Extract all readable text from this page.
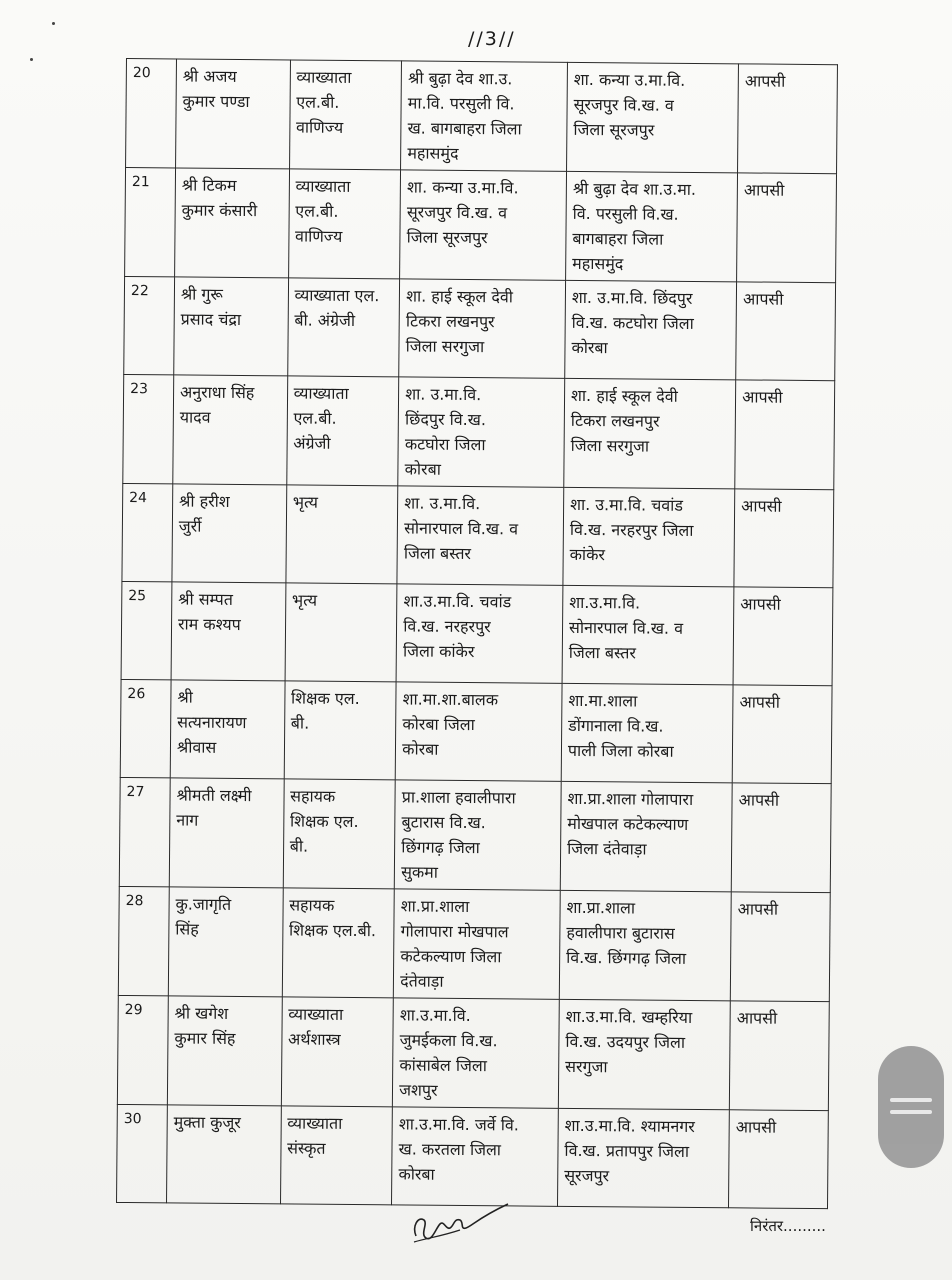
//3//
20	श्री अजय
कुमार पण्डा	व्याख्याता
एल.बी.
वाणिज्य	श्री बुढ़ा देव शा.उ.
मा.वि. परसुली वि.
ख. बागबाहरा जिला
महासमुंद	शा. कन्या उ.मा.वि.
सूरजपुर वि.ख. व
जिला सूरजपुर	आपसी
21	श्री टिकम
कुमार कंसारी	व्याख्याता
एल.बी.
वाणिज्य	शा. कन्या उ.मा.वि.
सूरजपुर वि.ख. व
जिला सूरजपुर	श्री बुढ़ा देव शा.उ.मा.
वि. परसुली वि.ख.
बागबाहरा जिला
महासमुंद	आपसी
22	श्री गुरू
प्रसाद चंद्रा	व्याख्याता एल.
बी. अंग्रेजी	शा. हाई स्कूल देवी
टिकरा लखनपुर
जिला सरगुजा	शा. उ.मा.वि. छिंदपुर
वि.ख. कटघोरा जिला
कोरबा	आपसी
23	अनुराधा सिंह
यादव	व्याख्याता
एल.बी.
अंग्रेजी	शा. उ.मा.वि.
छिंदपुर वि.ख.
कटघोरा जिला
कोरबा	शा. हाई स्कूल देवी
टिकरा लखनपुर
जिला सरगुजा	आपसी
24	श्री हरीश
जुर्री	भृत्य	शा. उ.मा.वि.
सोनारपाल वि.ख. व
जिला बस्तर	शा. उ.मा.वि. चवांड
वि.ख. नरहरपुर जिला
कांकेर	आपसी
25	श्री सम्पत
राम कश्यप	भृत्य	शा.उ.मा.वि. चवांड
वि.ख. नरहरपुर
जिला कांकेर	शा.उ.मा.वि.
सोनारपाल वि.ख. व
जिला बस्तर	आपसी
26	श्री
सत्यनारायण
श्रीवास	शिक्षक एल.
बी.	शा.मा.शा.बालक
कोरबा जिला
कोरबा	शा.मा.शाला
डोंगानाला वि.ख.
पाली जिला कोरबा	आपसी
27	श्रीमती लक्ष्मी
नाग	सहायक
शिक्षक एल.
बी.	प्रा.शाला हवालीपारा
बुटारास वि.ख.
छिंगगढ़ जिला
सुकमा	शा.प्रा.शाला गोलापारा
मोखपाल कटेकल्याण
जिला दंतेवाड़ा	आपसी
28	कु.जागृति
सिंह	सहायक
शिक्षक एल.बी.	शा.प्रा.शाला
गोलापारा मोखपाल
कटेकल्याण जिला
दंतेवाड़ा	शा.प्रा.शाला
हवालीपारा बुटारास
वि.ख. छिंगगढ़ जिला	आपसी
29	श्री खगेश
कुमार सिंह	व्याख्याता
अर्थशास्त्र	शा.उ.मा.वि.
जुमईकला वि.ख.
कांसाबेल जिला
जशपुर	शा.उ.मा.वि. खम्हरिया
वि.ख. उदयपुर जिला
सरगुजा	आपसी
30	मुक्ता कुजूर	व्याख्याता
संस्कृत	शा.उ.मा.वि. जर्वे वि.
ख. करतला जिला
कोरबा	शा.उ.मा.वि. श्यामनगर
वि.ख. प्रतापपुर जिला
सूरजपुर	आपसी
निरंतर.........
